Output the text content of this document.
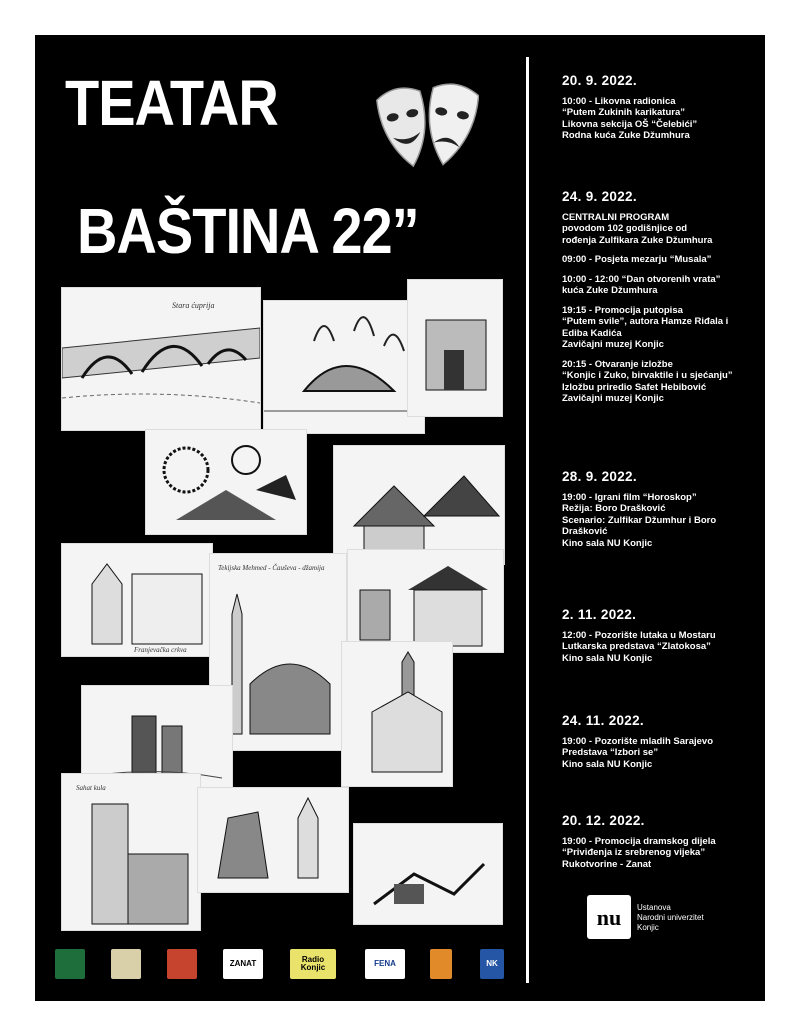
TEATAR
BAŠTINA 22”
Stara ćuprija
Franjevačka crkva
Tekijska Mehmed - Čauševa - džamija
Sahat kula
20. 9. 2022.
10:00 - Likovna radionica
“Putem Zukinih karikatura”
Likovna sekcija OŠ “Čelebići”
Rodna kuća Zuke Džumhura
24. 9. 2022.
CENTRALNI PROGRAM
povodom 102 godišnjice od
rođenja Zulfikara Zuke Džumhura
09:00 - Posjeta mezarju “Musala”
10:00 - 12:00 “Dan otvorenih vrata”
kuća Zuke Džumhura
19:15 - Promocija putopisa
“Putem svile”, autora Hamze Riđala i
Ediba Kadića
Zavičajni muzej Konjic
20:15 - Otvaranje izložbe
“Konjic i Zuko, birvaktile i u sjećanju”
Izložbu priredio Safet Hebibović
Zavičajni muzej Konjic
28. 9. 2022.
19:00 - Igrani film “Horoskop”
Režija: Boro Drašković
Scenario: Zulfikar Džumhur i Boro
Drašković
Kino sala NU Konjic
2. 11. 2022.
12:00 - Pozorište lutaka u Mostaru
Lutkarska predstava “Zlatokosa”
Kino sala NU Konjic
24. 11. 2022.
19:00 - Pozorište mladih Sarajevo
Predstava “Izbori se”
Kino sala NU Konjic
20. 12. 2022.
19:00 - Promocija dramskog dijela
“Priviđenja iz srebrenog vijeka”
Rukotvorine - Zanat
nu Ustanova
Narodni univerzitet
Konjic
ZANAT	Radio Konjic	FENA	NK
